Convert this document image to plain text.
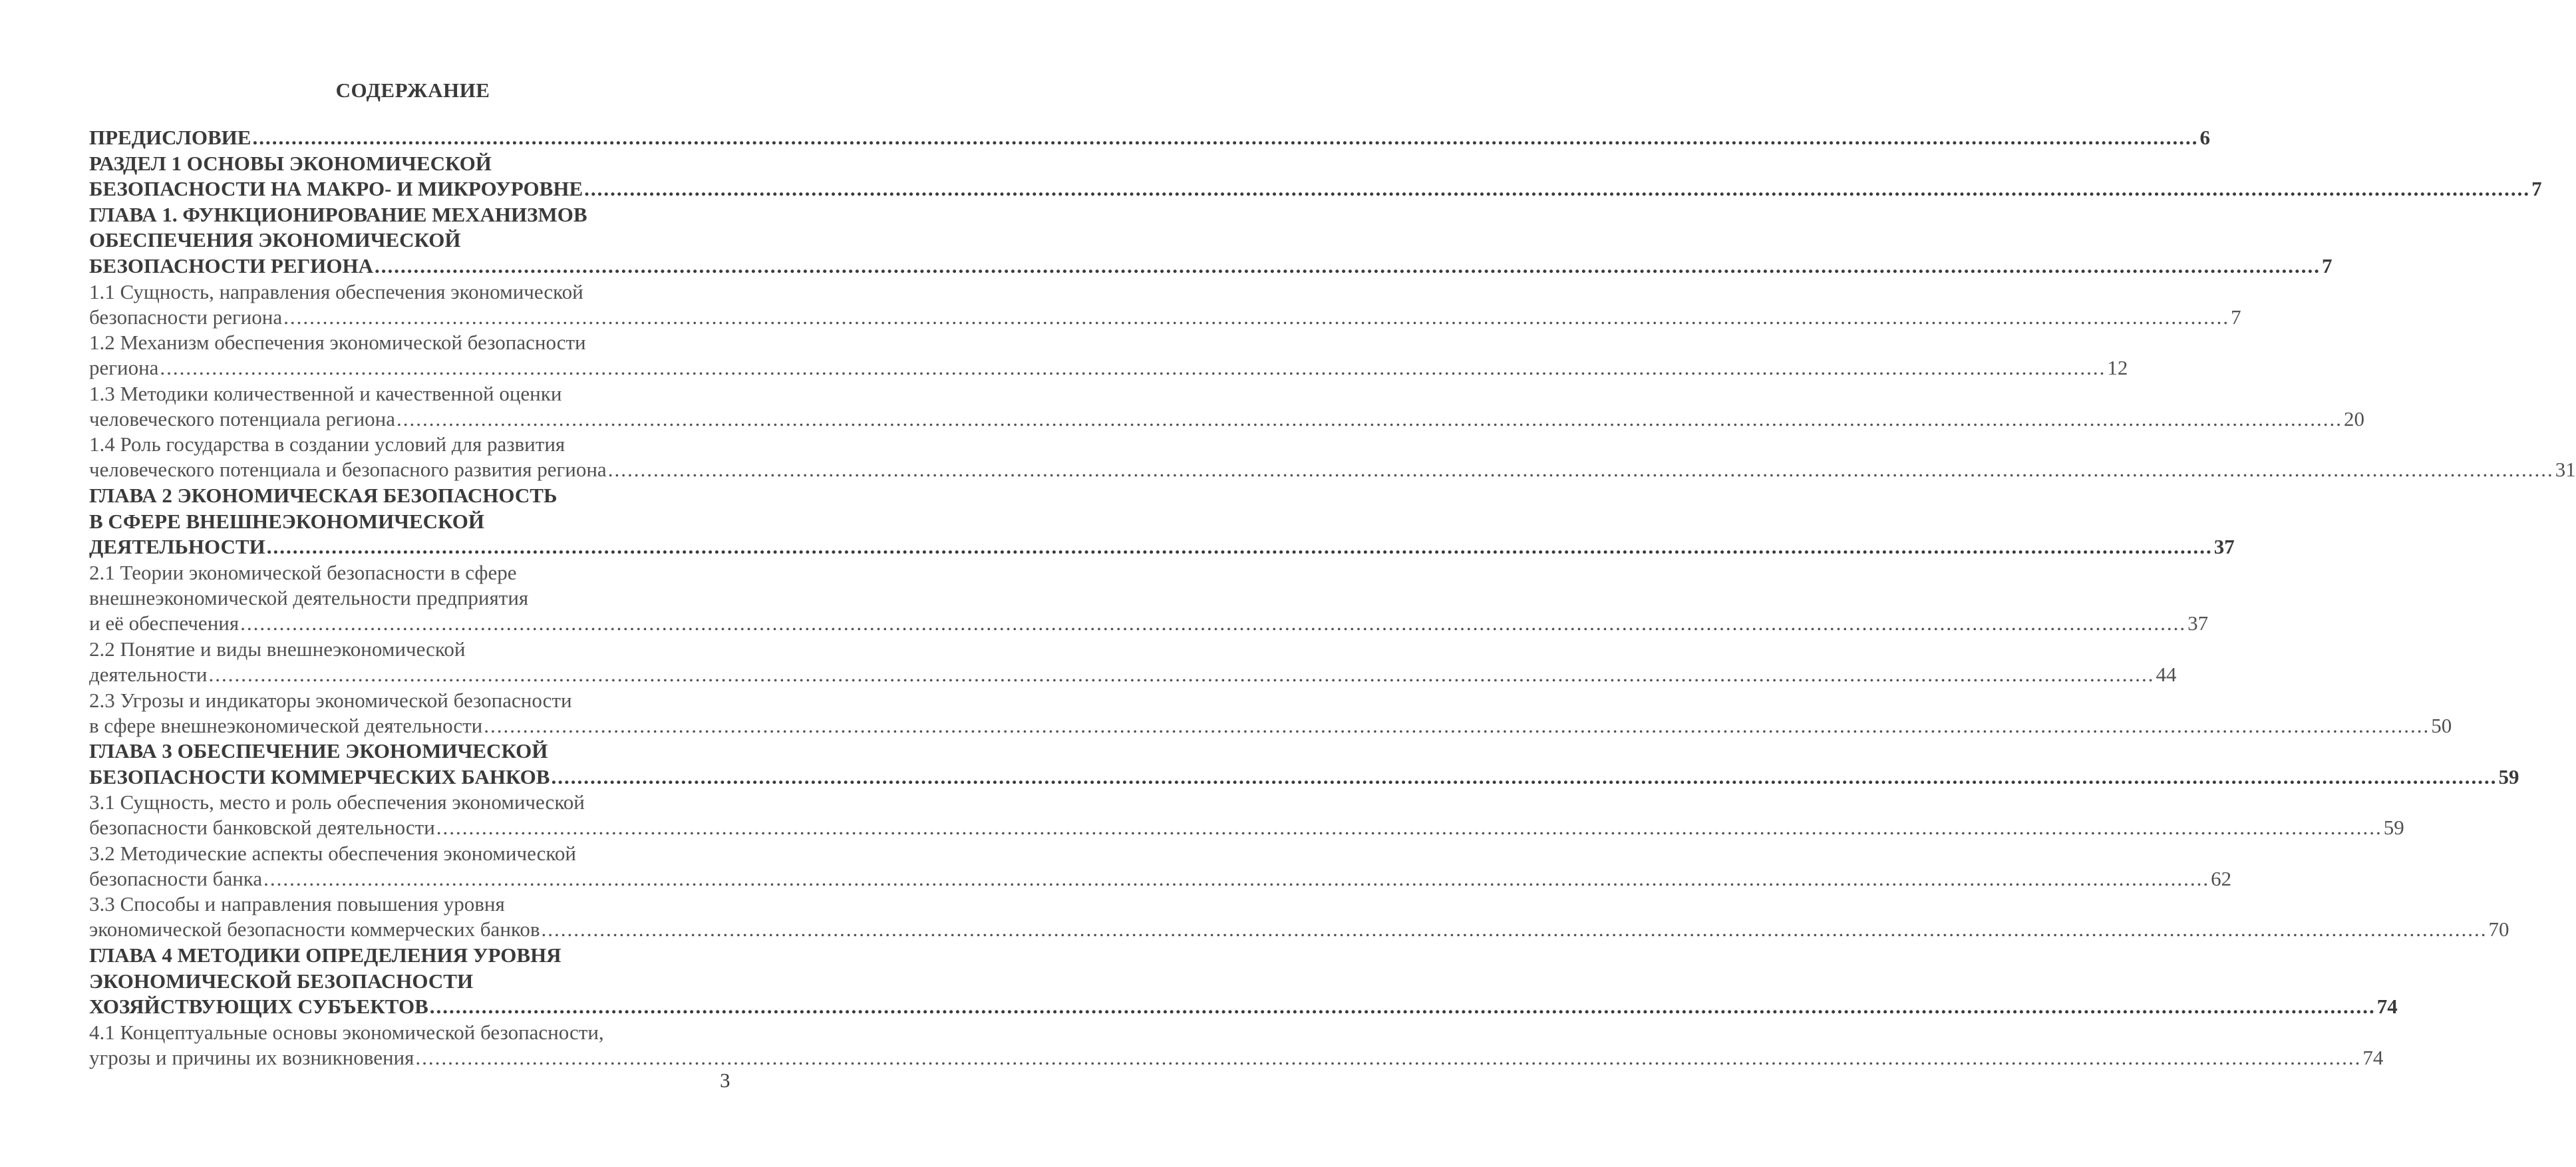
СОДЕРЖАНИЕ
ПРЕДИСЛОВИЕ ............................................................................................................................................................................................................................................................................................................ 6
РАЗДЕЛ 1 ОСНОВЫ ЭКОНОМИЧЕСКОЙ
БЕЗОПАСНОСТИ НА МАКРО- И МИКРОУРОВНЕ ............................................................................................................................................................................................................................................................................................................ 7
ГЛАВА 1. ФУНКЦИОНИРОВАНИЕ МЕХАНИЗМОВ
ОБЕСПЕЧЕНИЯ ЭКОНОМИЧЕСКОЙ
БЕЗОПАСНОСТИ РЕГИОНА ............................................................................................................................................................................................................................................................................................................ 7
1.1 Сущность, направления обеспечения экономической
безопасности региона ............................................................................................................................................................................................................................................................................................................ 7
1.2 Механизм обеспечения экономической безопасности
региона ............................................................................................................................................................................................................................................................................................................ 12
1.3 Методики количественной и качественной оценки
человеческого потенциала региона ............................................................................................................................................................................................................................................................................................................ 20
1.4 Роль государства в создании условий для развития
человеческого потенциала и безопасного развития региона ............................................................................................................................................................................................................................................................................................................ 31
ГЛАВА 2 ЭКОНОМИЧЕСКАЯ БЕЗОПАСНОСТЬ
В СФЕРЕ ВНЕШНЕЭКОНОМИЧЕСКОЙ
ДЕЯТЕЛЬНОСТИ ............................................................................................................................................................................................................................................................................................................ 37
2.1 Теории экономической безопасности в сфере
внешнеэкономической деятельности предприятия
и её обеспечения ............................................................................................................................................................................................................................................................................................................ 37
2.2 Понятие и виды внешнеэкономической
деятельности ............................................................................................................................................................................................................................................................................................................ 44
2.3 Угрозы и индикаторы экономической безопасности
в сфере внешнеэкономической деятельности ............................................................................................................................................................................................................................................................................................................ 50
ГЛАВА 3 ОБЕСПЕЧЕНИЕ ЭКОНОМИЧЕСКОЙ
БЕЗОПАСНОСТИ КОММЕРЧЕСКИХ БАНКОВ ............................................................................................................................................................................................................................................................................................................ 59
3.1 Сущность, место и роль обеспечения экономической
безопасности банковской деятельности ............................................................................................................................................................................................................................................................................................................ 59
3.2 Методические аспекты обеспечения экономической
безопасности банка ............................................................................................................................................................................................................................................................................................................ 62
3.3 Способы и направления повышения уровня
экономической безопасности коммерческих банков ............................................................................................................................................................................................................................................................................................................ 70
ГЛАВА 4 МЕТОДИКИ ОПРЕДЕЛЕНИЯ УРОВНЯ
ЭКОНОМИЧЕСКОЙ БЕЗОПАСНОСТИ
ХОЗЯЙСТВУЮЩИХ СУБЪЕКТОВ ............................................................................................................................................................................................................................................................................................................ 74
4.1 Концептуальные основы экономической безопасности,
угрозы и причины их возникновения ............................................................................................................................................................................................................................................................................................................ 74
3
